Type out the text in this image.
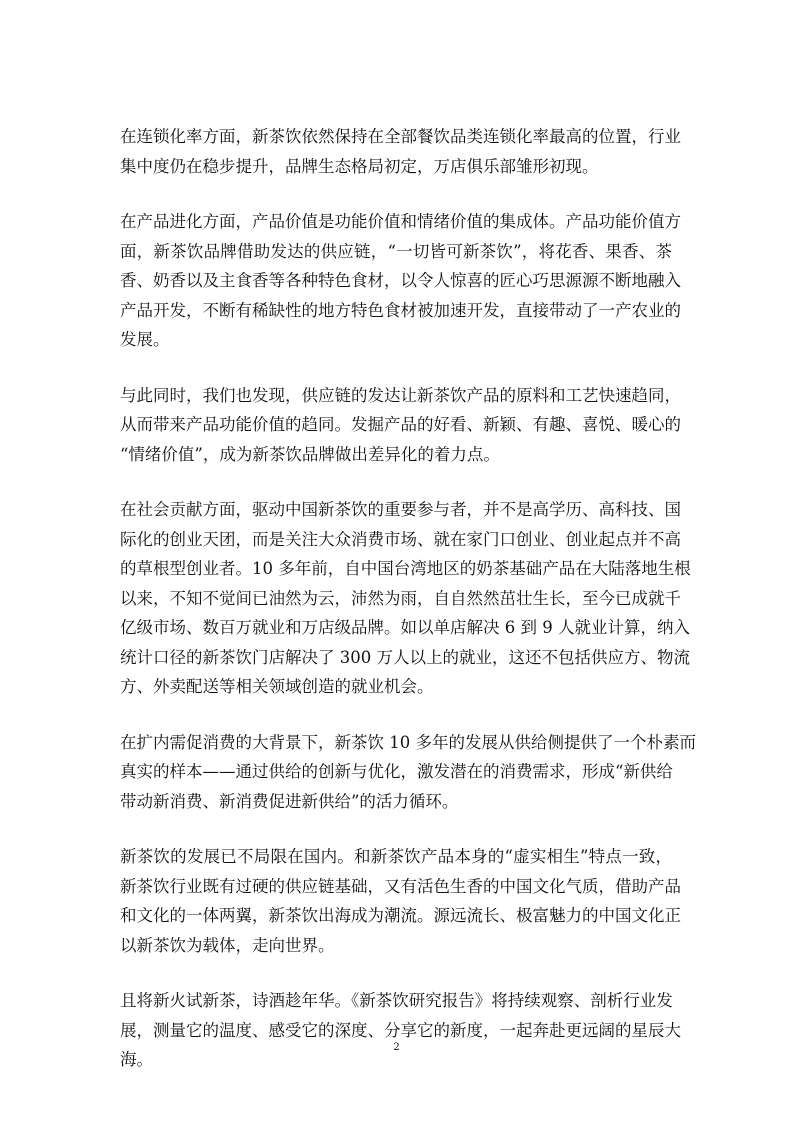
在连锁化率方面，新茶饮依然保持在全部餐饮品类连锁化率最高的位置，行业
集中度仍在稳步提升，品牌生态格局初定，万店俱乐部雏形初现。
在产品进化方面，产品价值是功能价值和情绪价值的集成体。产品功能价值方
面，新茶饮品牌借助发达的供应链，“一切皆可新茶饮”，将花香、果香、茶
香、奶香以及主食香等各种特色食材，以令人惊喜的匠心巧思源源不断地融入
产品开发，不断有稀缺性的地方特色食材被加速开发，直接带动了一产农业的
发展。
与此同时，我们也发现，供应链的发达让新茶饮产品的原料和工艺快速趋同，
从而带来产品功能价值的趋同。发掘产品的好看、新颖、有趣、喜悦、暖心的
“情绪价值”，成为新茶饮品牌做出差异化的着力点。
在社会贡献方面，驱动中国新茶饮的重要参与者，并不是高学历、高科技、国
际化的创业天团，而是关注大众消费市场、就在家门口创业、创业起点并不高
的草根型创业者。10 多年前，自中国台湾地区的奶茶基础产品在大陆落地生根
以来，不知不觉间已油然为云，沛然为雨，自自然然茁壮生长，至今已成就千
亿级市场、数百万就业和万店级品牌。如以单店解决 6 到 9 人就业计算，纳入
统计口径的新茶饮门店解决了 300 万人以上的就业，这还不包括供应方、物流
方、外卖配送等相关领域创造的就业机会。
在扩内需促消费的大背景下，新茶饮 10 多年的发展从供给侧提供了一个朴素而
真实的样本——通过供给的创新与优化，激发潜在的消费需求，形成“新供给
带动新消费、新消费促进新供给”的活力循环。
新茶饮的发展已不局限在国内。和新茶饮产品本身的“虚实相生”特点一致，
新茶饮行业既有过硬的供应链基础，又有活色生香的中国文化气质，借助产品
和文化的一体两翼，新茶饮出海成为潮流。源远流长、极富魅力的中国文化正
以新茶饮为载体，走向世界。
且将新火试新茶，诗酒趁年华。《新茶饮研究报告》将持续观察、剖析行业发
展，测量它的温度、感受它的深度、分享它的新度，一起奔赴更远阔的星辰大
海。
2
